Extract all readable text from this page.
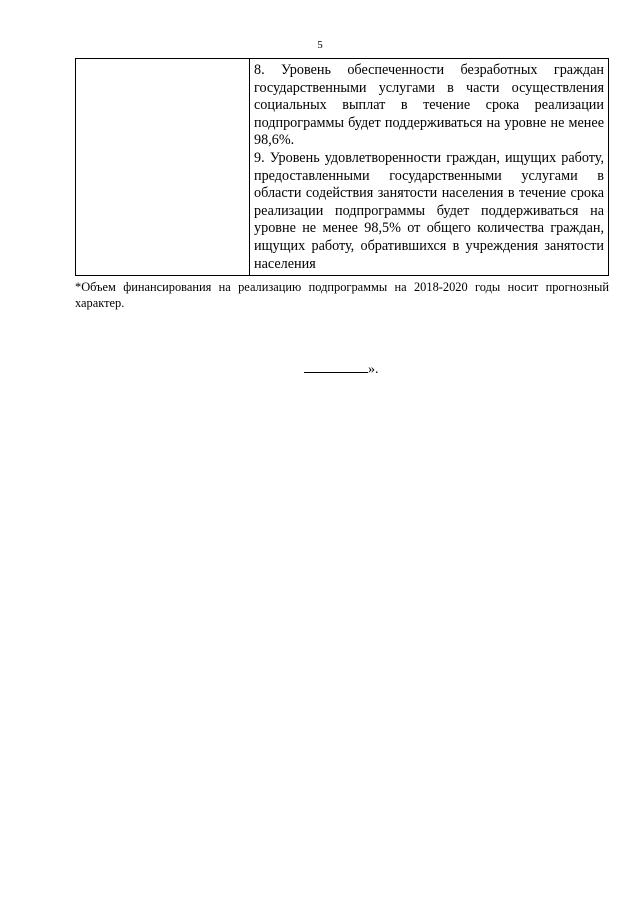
5

8. Уровень обеспеченности безработных граждан государственными услугами в части осуществления социальных выплат в течение срока реализации подпрограммы будет поддерживаться на уровне не менее 98,6%.

9. Уровень удовлетворенности граждан, ищущих работу, предоставленными государственными услугами в области содействия занятости населения в течение срока реализации подпрограммы будет поддерживаться на уровне не менее 98,5% от общего количества граждан, ищущих работу, обратившихся в учреждения занятости населения

*Объем финансирования на реализацию подпрограммы на 2018-2020 годы носит прогнозный характер.

».
